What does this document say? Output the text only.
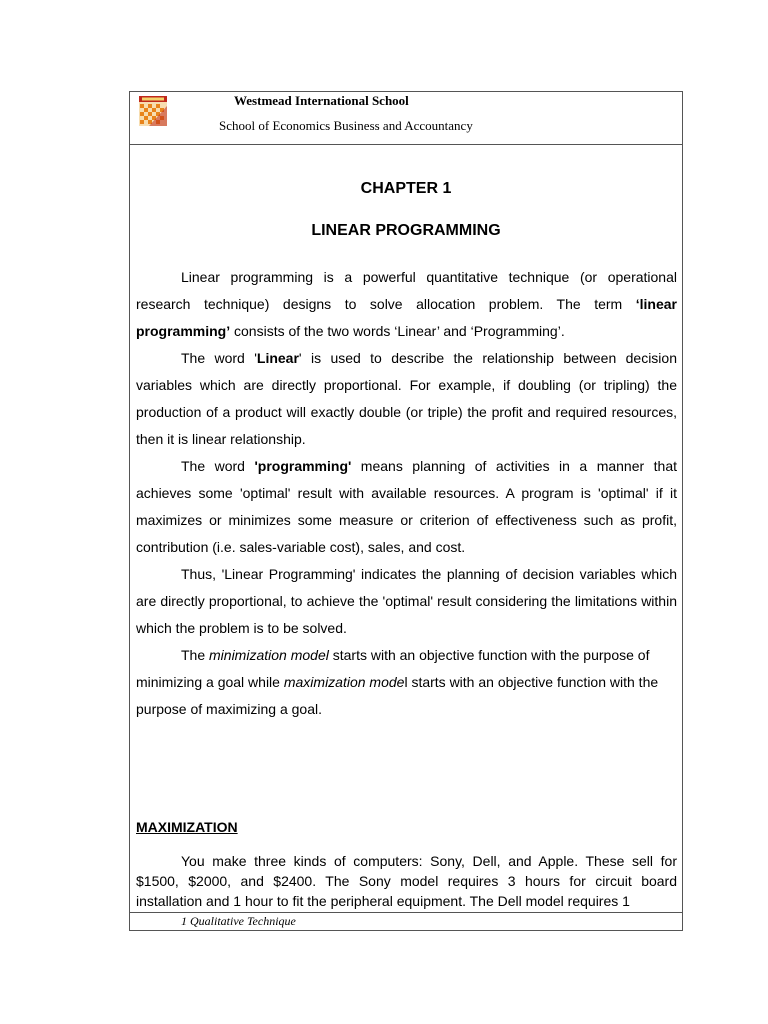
Westmead International School
School of Economics Business and Accountancy
CHAPTER 1
LINEAR PROGRAMMING

Linear programming is a powerful quantitative technique (or operational research technique) designs to solve allocation problem. The term ‘linear programming’ consists of the two words ‘Linear’ and ‘Programming’.

The word 'Linear' is used to describe the relationship between decision variables which are directly proportional. For example, if doubling (or tripling) the production of a product will exactly double (or triple) the profit and required resources, then it is linear relationship.

The word 'programming' means planning of activities in a manner that achieves some 'optimal' result with available resources. A program is 'optimal' if it maximizes or minimizes some measure or criterion of effectiveness such as profit, contribution (i.e. sales-variable cost), sales, and cost.

Thus, 'Linear Programming' indicates the planning of decision variables which are directly proportional, to achieve the 'optimal' result considering the limitations within which the problem is to be solved.

The minimization model starts with an objective function with the purpose of minimizing a goal while maximization model starts with an objective function with the purpose of maximizing a goal.

MAXIMIZATION

You make three kinds of computers: Sony, Dell, and Apple. These sell for $1500, $2000, and $2400. The Sony model requires 3 hours for circuit board installation and 1 hour to fit the peripheral equipment. The Dell model requires 1

1 Qualitative Technique
